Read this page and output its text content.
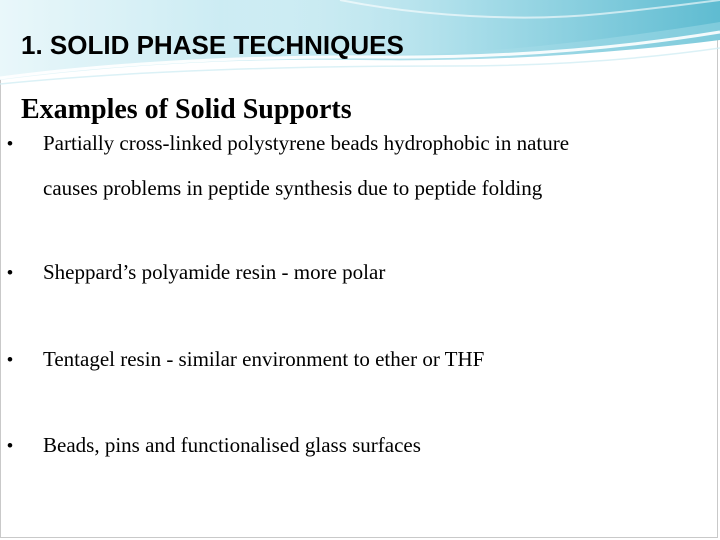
1. SOLID PHASE TECHNIQUES
Examples of Solid Supports
• Partially cross-linked polystyrene beads hydrophobic in nature
causes problems in peptide synthesis due to peptide folding
• Sheppard’s polyamide resin - more polar
• Tentagel resin - similar environment to ether or THF
• Beads, pins and functionalised glass surfaces
